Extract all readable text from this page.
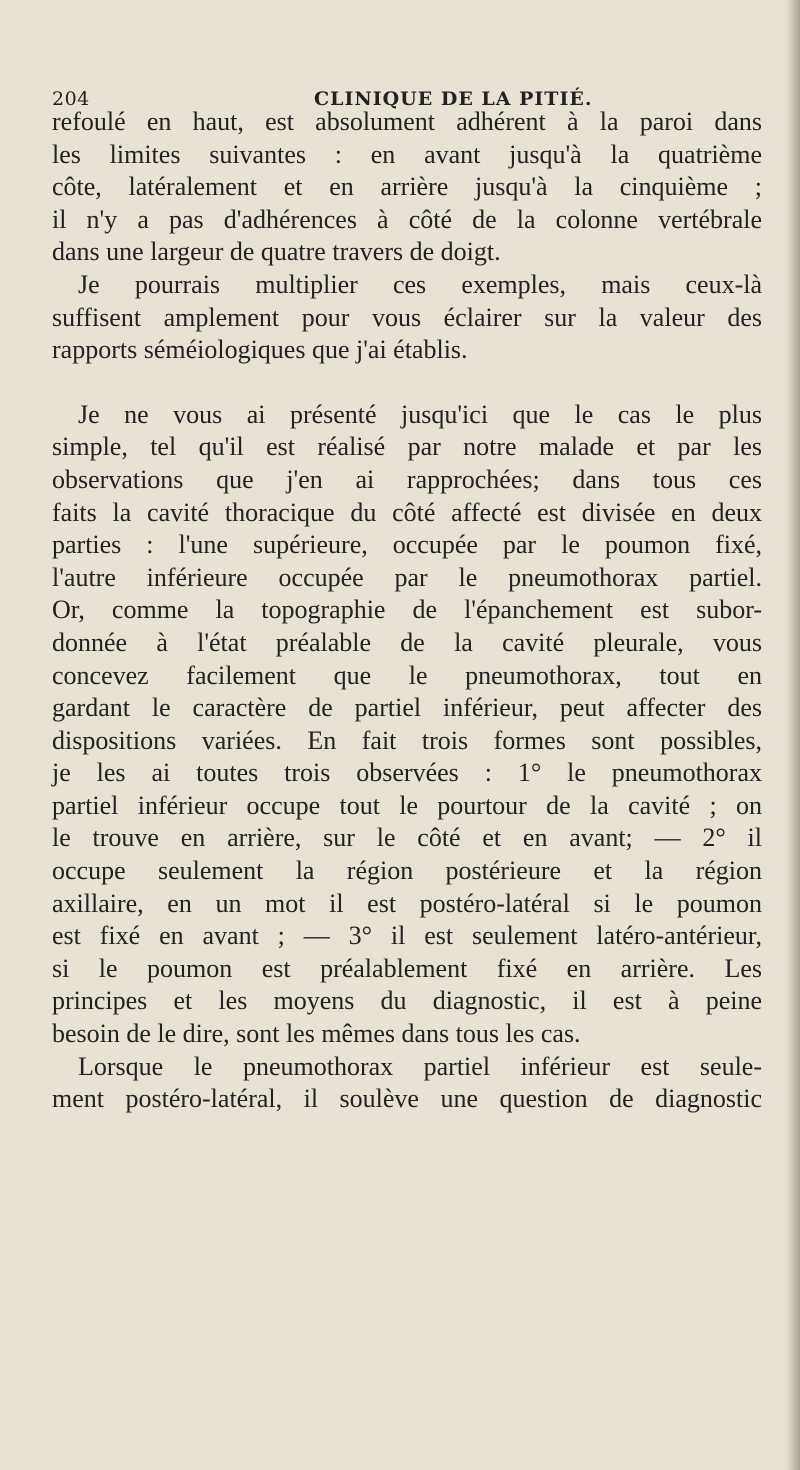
204	CLINIQUE DE LA PITIÉ.
refoulé en haut, est absolument adhérent à la paroi dans
les limites suivantes : en avant jusqu'à la quatrième
côte, latéralement et en arrière jusqu'à la cinquième ;
il n'y a pas d'adhérences à côté de la colonne vertébrale
dans une largeur de quatre travers de doigt.
Je pourrais multiplier ces exemples, mais ceux-là
suffisent amplement pour vous éclairer sur la valeur des
rapports séméiologiques que j'ai établis.
Je ne vous ai présenté jusqu'ici que le cas le plus
simple, tel qu'il est réalisé par notre malade et par les
observations que j'en ai rapprochées; dans tous ces
faits la cavité thoracique du côté affecté est divisée en deux
parties : l'une supérieure, occupée par le poumon fixé,
l'autre inférieure occupée par le pneumothorax partiel.
Or, comme la topographie de l'épanchement est subor-
donnée à l'état préalable de la cavité pleurale, vous
concevez facilement que le pneumothorax, tout en
gardant le caractère de partiel inférieur, peut affecter des
dispositions variées. En fait trois formes sont possibles,
je les ai toutes trois observées : 1° le pneumothorax
partiel inférieur occupe tout le pourtour de la cavité ; on
le trouve en arrière, sur le côté et en avant; — 2° il
occupe seulement la région postérieure et la région
axillaire, en un mot il est postéro-latéral si le poumon
est fixé en avant ; — 3° il est seulement latéro-antérieur,
si le poumon est préalablement fixé en arrière. Les
principes et les moyens du diagnostic, il est à peine
besoin de le dire, sont les mêmes dans tous les cas.
Lorsque le pneumothorax partiel inférieur est seule-
ment postéro-latéral, il soulève une question de diagnostic
